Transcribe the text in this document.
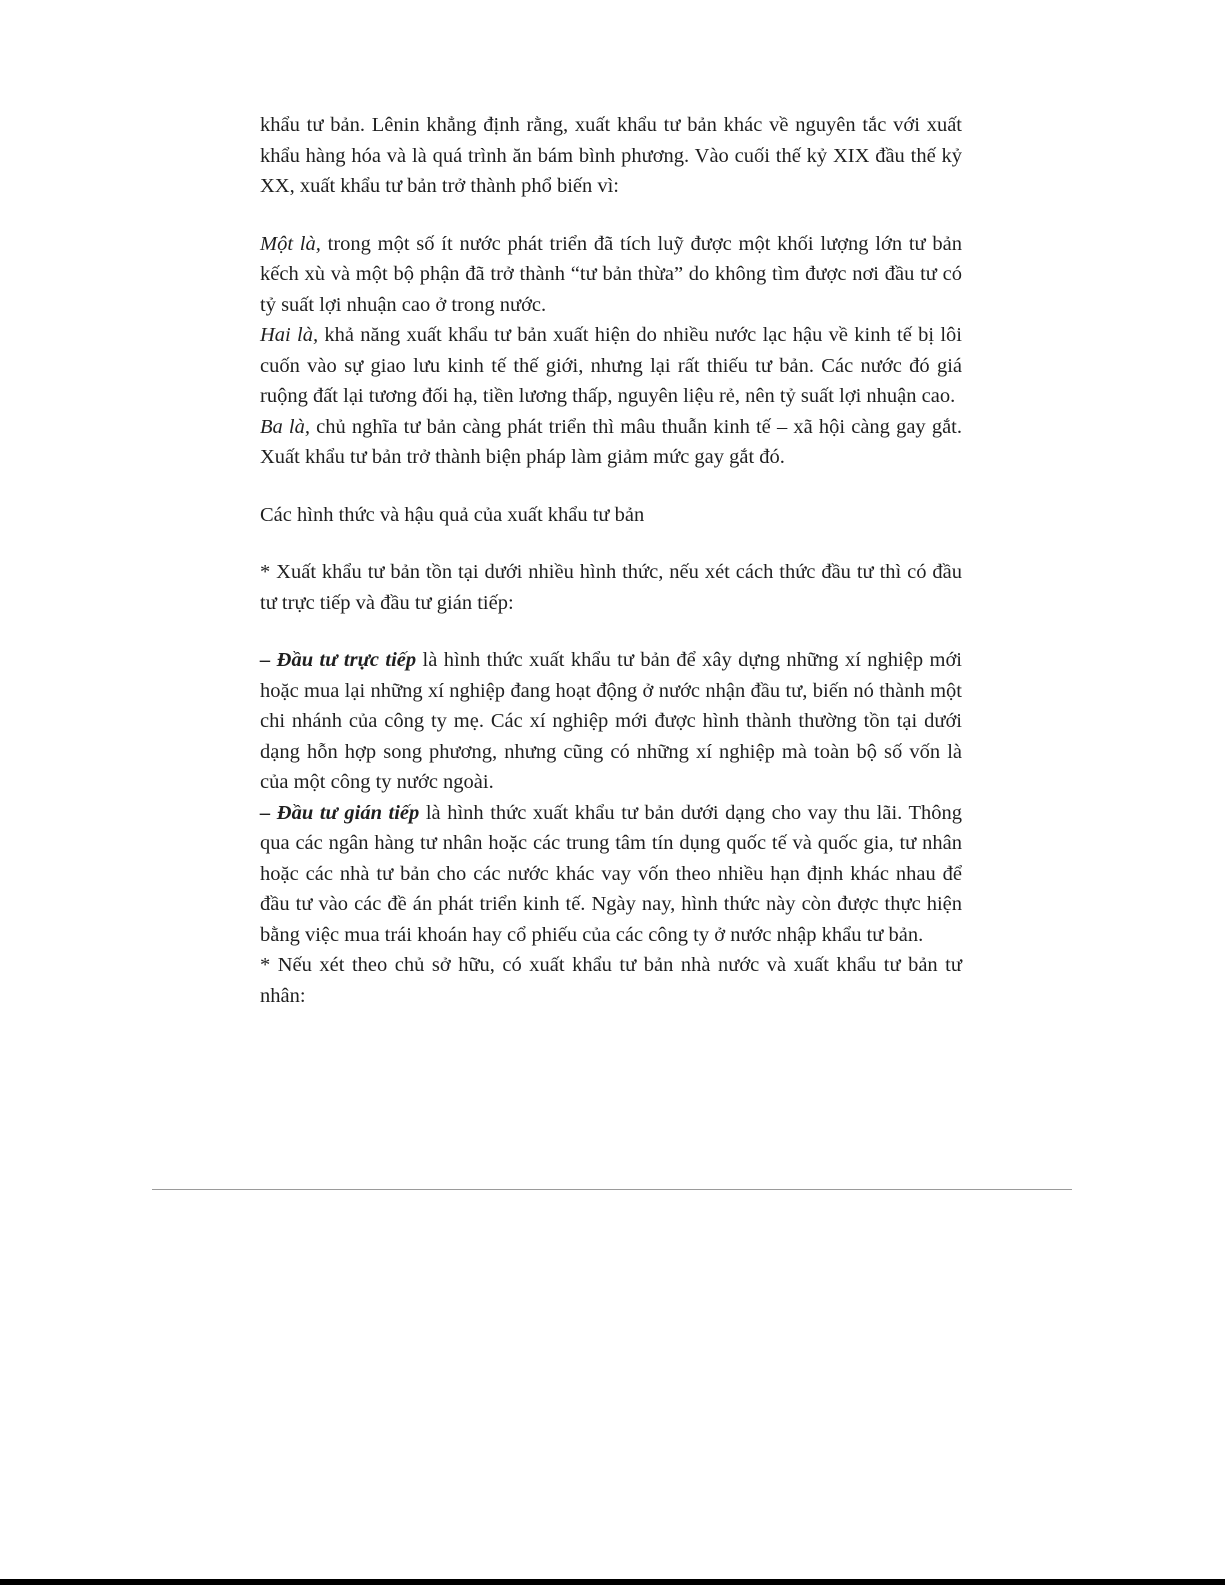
khẩu tư bản. Lênin khẳng định rằng, xuất khẩu tư bản khác về nguyên tắc với xuất khẩu hàng hóa và là quá trình ăn bám bình phương. Vào cuối thế kỷ XIX đầu thế kỷ XX, xuất khẩu tư bản trở thành phổ biến vì:

Một là, trong một số ít nước phát triển đã tích luỹ được một khối lượng lớn tư bản kếch xù và một bộ phận đã trở thành “tư bản thừa” do không tìm được nơi đầu tư có tỷ suất lợi nhuận cao ở trong nước.

Hai là, khả năng xuất khẩu tư bản xuất hiện do nhiều nước lạc hậu về kinh tế bị lôi cuốn vào sự giao lưu kinh tế thế giới, nhưng lại rất thiếu tư bản. Các nước đó giá ruộng đất lại tương đối hạ, tiền lương thấp, nguyên liệu rẻ, nên tỷ suất lợi nhuận cao.

Ba là, chủ nghĩa tư bản càng phát triển thì mâu thuẫn kinh tế – xã hội càng gay gắt. Xuất khẩu tư bản trở thành biện pháp làm giảm mức gay gắt đó.

Các hình thức và hậu quả của xuất khẩu tư bản

* Xuất khẩu tư bản tồn tại dưới nhiều hình thức, nếu xét cách thức đầu tư thì có đầu tư trực tiếp và đầu tư gián tiếp:

– Đầu tư trực tiếp là hình thức xuất khẩu tư bản để xây dựng những xí nghiệp mới hoặc mua lại những xí nghiệp đang hoạt động ở nước nhận đầu tư, biến nó thành một chi nhánh của công ty mẹ. Các xí nghiệp mới được hình thành thường tồn tại dưới dạng hỗn hợp song phương, nhưng cũng có những xí nghiệp mà toàn bộ số vốn là của một công ty nước ngoài.

– Đầu tư gián tiếp là hình thức xuất khẩu tư bản dưới dạng cho vay thu lãi. Thông qua các ngân hàng tư nhân hoặc các trung tâm tín dụng quốc tế và quốc gia, tư nhân hoặc các nhà tư bản cho các nước khác vay vốn theo nhiều hạn định khác nhau để đầu tư vào các đề án phát triển kinh tế. Ngày nay, hình thức này còn được thực hiện bằng việc mua trái khoán hay cổ phiếu của các công ty ở nước nhập khẩu tư bản.

* Nếu xét theo chủ sở hữu, có xuất khẩu tư bản nhà nước và xuất khẩu tư bản tư nhân:
